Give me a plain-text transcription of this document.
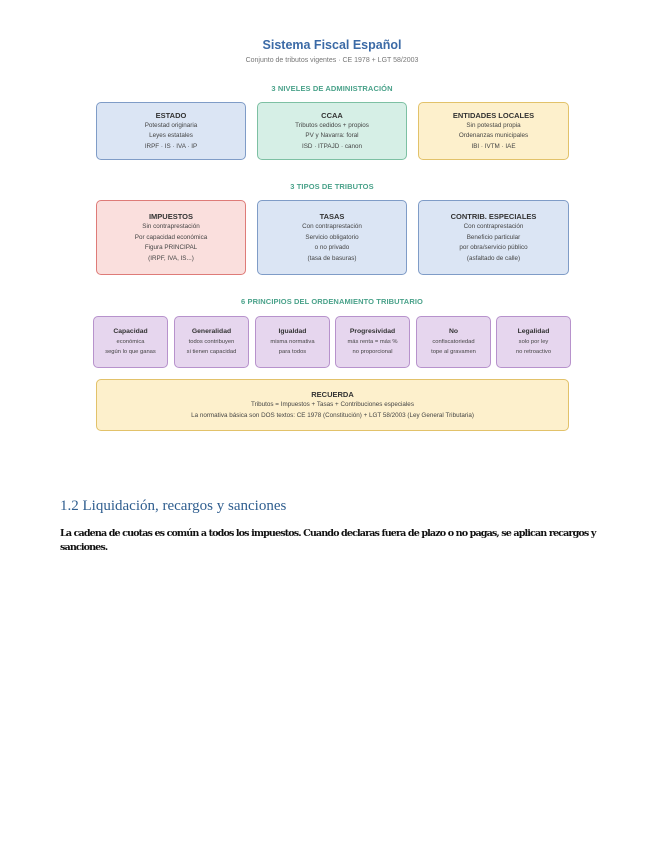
Sistema Fiscal Español
Conjunto de tributos vigentes · CE 1978 + LGT 58/2003
3 NIVELES DE ADMINISTRACIÓN
ESTADO
Potestad originaria
Leyes estatales
IRPF · IS · IVA · IP
CCAA
Tributos cedidos + propios
PV y Navarra: foral
ISD · ITPAJD · canon
ENTIDADES LOCALES
Sin potestad propia
Ordenanzas municipales
IBI · IVTM · IAE
3 TIPOS DE TRIBUTOS
IMPUESTOS
Sin contraprestación
Por capacidad económica
Figura PRINCIPAL
(IRPF, IVA, IS...)
TASAS
Con contraprestación
Servicio obligatorio
o no privado
(tasa de basuras)
CONTRIB. ESPECIALES
Con contraprestación
Beneficio particular
por obra/servicio público
(asfaltado de calle)
6 PRINCIPIOS DEL ORDENAMIENTO TRIBUTARIO
Capacidad
económica
según lo que ganas
Generalidad
todos contribuyen
si tienen capacidad
Igualdad
misma normativa
para todos
Progresividad
más renta = más %
no proporcional
No
confiscatoriedad
tope al gravamen
Legalidad
solo por ley
no retroactivo
RECUERDA
Tributos = Impuestos + Tasas + Contribuciones especiales
La normativa básica son DOS textos: CE 1978 (Constitución) + LGT 58/2003 (Ley General Tributaria)
1.2 Liquidación, recargos y sanciones
La cadena de cuotas es común a todos los impuestos. Cuando declaras fuera de plazo o no pagas, se aplican recargos y sanciones.
